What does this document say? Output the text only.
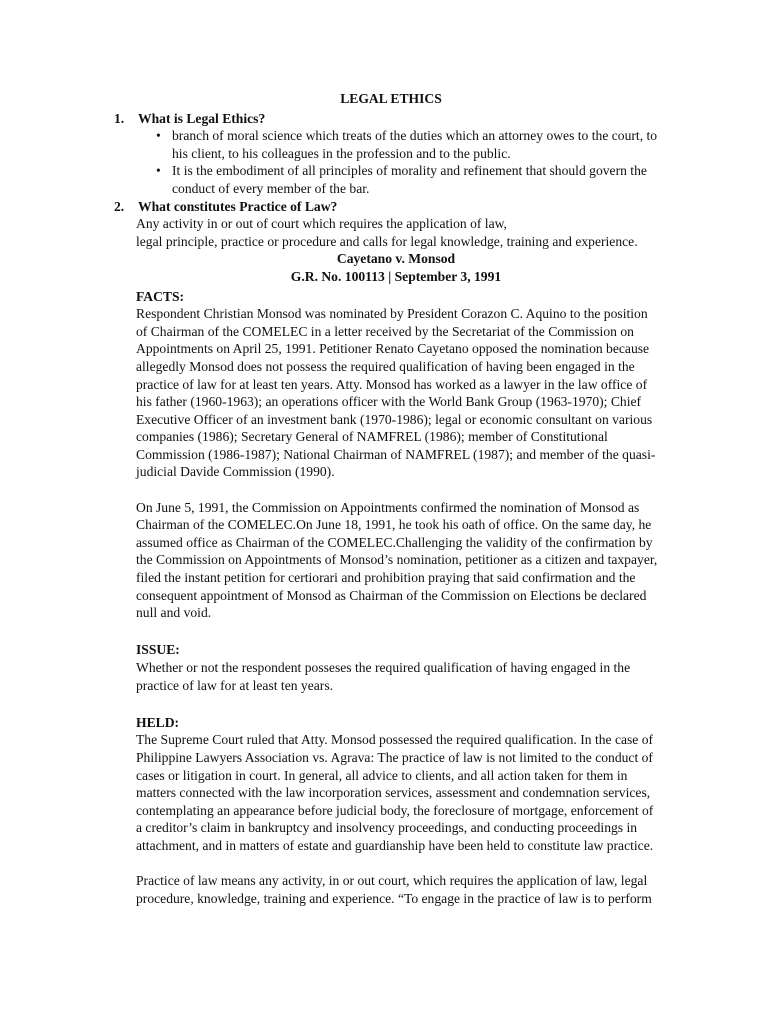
LEGAL ETHICS
1.	What is Legal Ethics?
• branch of moral science which treats of the duties which an attorney owes to the court, to his client, to his colleagues in the profession and to the public.
• It is the embodiment of all principles of morality and refinement that should govern the conduct of every member of the bar.
2.	What constitutes Practice of Law?
Any activity in or out of court which requires the application of law,
legal principle, practice or procedure and calls for legal knowledge, training and experience.
Cayetano v. Monsod
G.R. No. 100113 | September 3, 1991
FACTS:
Respondent Christian Monsod was nominated by President Corazon C. Aquino to the position of Chairman of the COMELEC in a letter received by the Secretariat of the Commission on Appointments on April 25, 1991. Petitioner Renato Cayetano opposed the nomination because allegedly Monsod does not possess the required qualification of having been engaged in the practice of law for at least ten years. Atty. Monsod has worked as a lawyer in the law office of his father (1960-1963); an operations officer with the World Bank Group (1963-1970); Chief Executive Officer of an investment bank (1970-1986); legal or economic consultant on various companies (1986); Secretary General of NAMFREL (1986); member of Constitutional Commission (1986-1987); National Chairman of NAMFREL (1987); and member of the quasi-judicial Davide Commission (1990).
On June 5, 1991, the Commission on Appointments confirmed the nomination of Monsod as Chairman of the COMELEC.On June 18, 1991, he took his oath of office. On the same day, he assumed office as Chairman of the COMELEC.Challenging the validity of the confirmation by the Commission on Appointments of Monsod’s nomination, petitioner as a citizen and taxpayer, filed the instant petition for certiorari and prohibition praying that said confirmation and the consequent appointment of Monsod as Chairman of the Commission on Elections be declared null and void.
ISSUE:
Whether or not the respondent posseses the required qualification of having engaged in the practice of law for at least ten years.
HELD:
The Supreme Court ruled that Atty. Monsod possessed the required qualification. In the case of Philippine Lawyers Association vs. Agrava: The practice of law is not limited to the conduct of cases or litigation in court. In general, all advice to clients, and all action taken for them in matters connected with the law incorporation services, assessment and condemnation services, contemplating an appearance before judicial body, the foreclosure of mortgage, enforcement of a creditor’s claim in bankruptcy and insolvency proceedings, and conducting proceedings in attachment, and in matters of estate and guardianship have been held to constitute law practice.
Practice of law means any activity, in or out court, which requires the application of law, legal procedure, knowledge, training and experience. “To engage in the practice of law is to perform
